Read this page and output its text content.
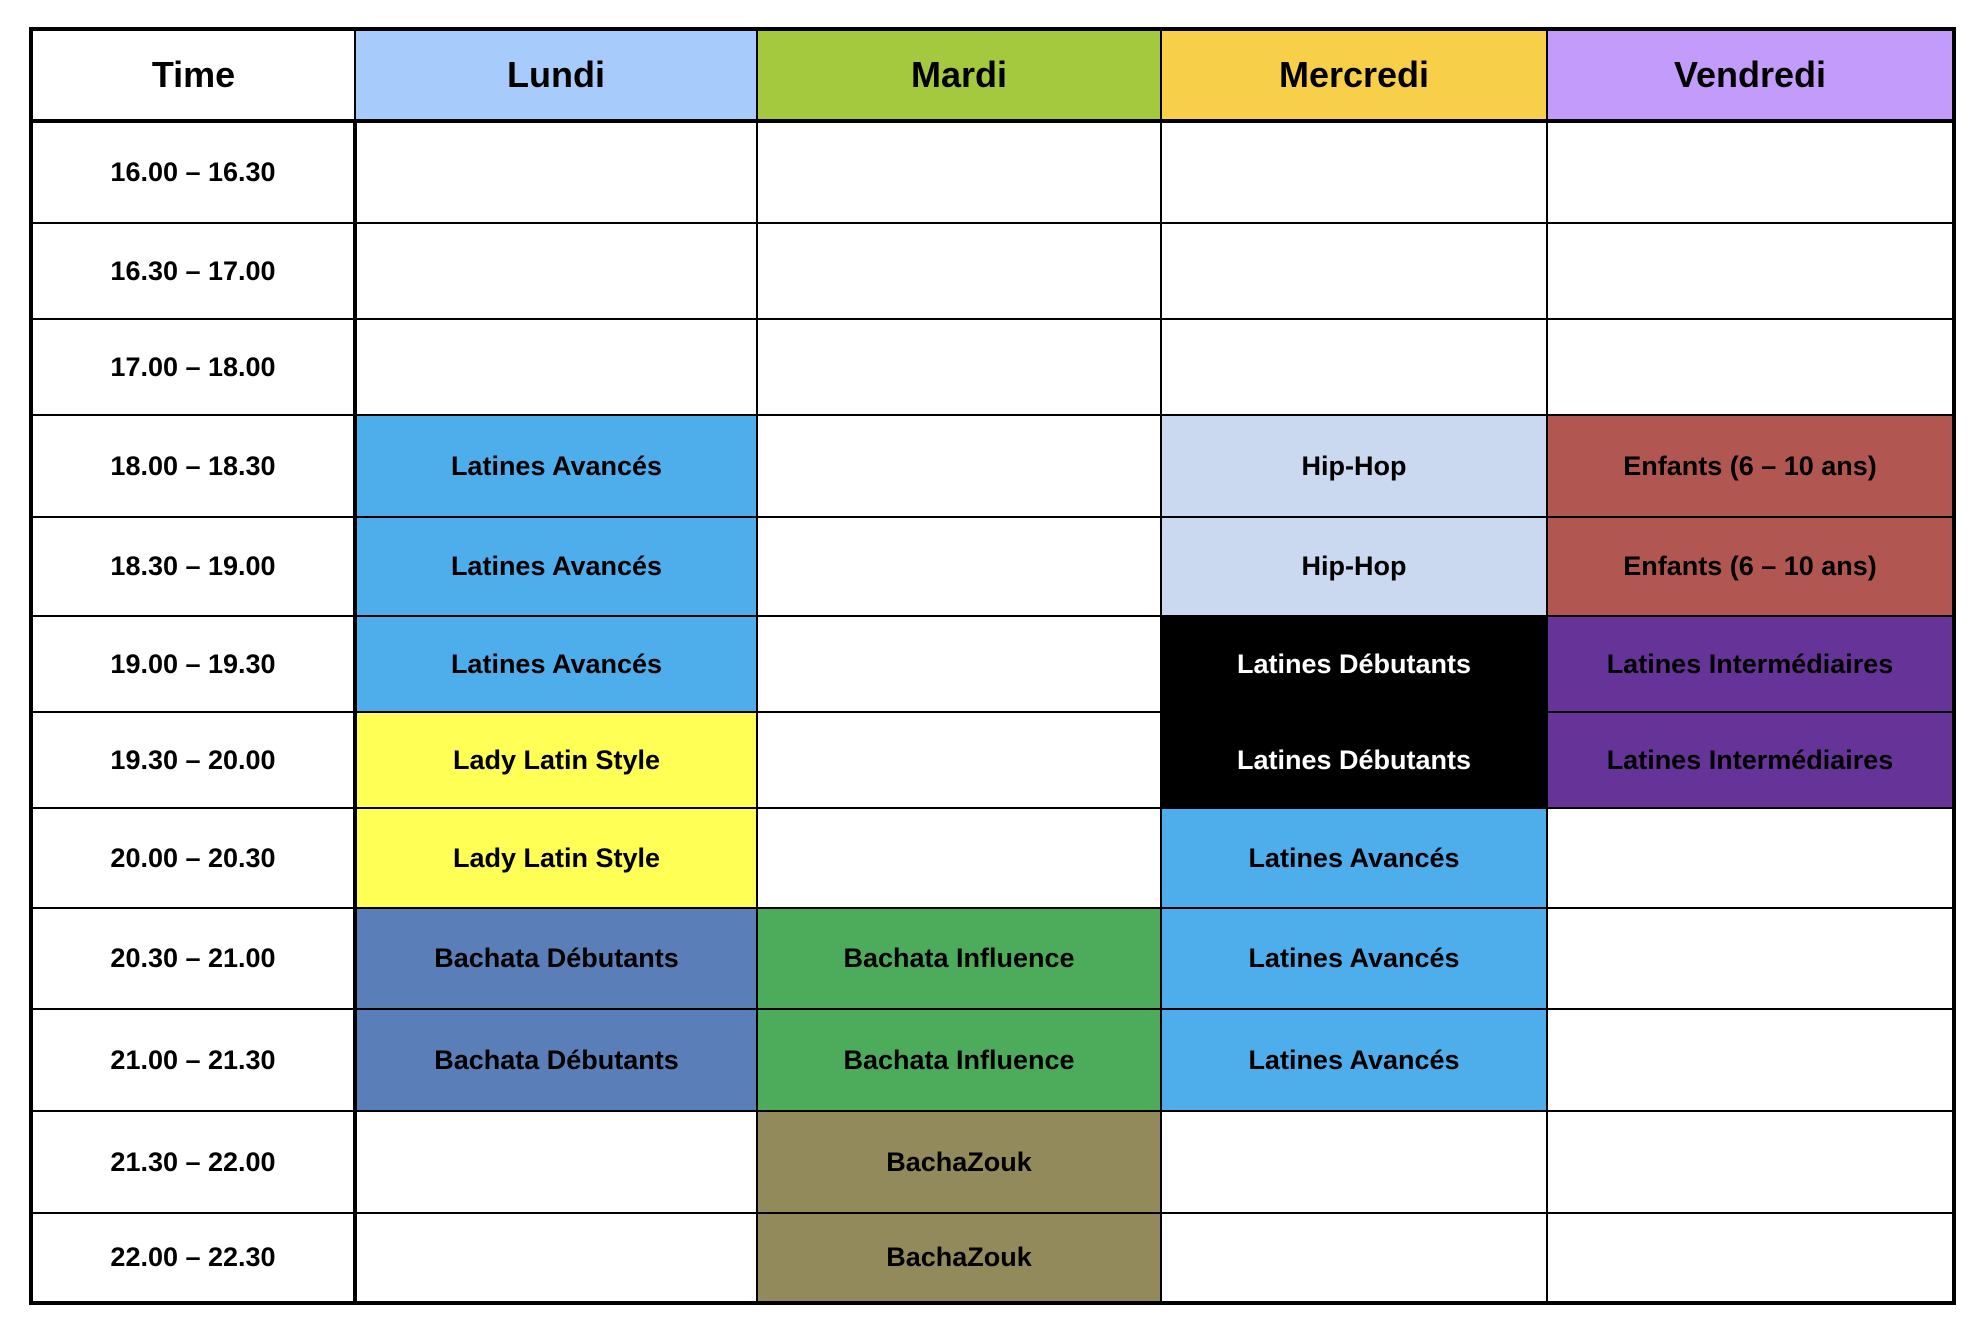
Time	Lundi	Mardi	Mercredi	Vendredi
16.00 – 16.30				
16.30 – 17.00				
17.00 – 18.00				
18.00 – 18.30	Latines Avancés		Hip-Hop	Enfants (6 – 10 ans)
18.30 – 19.00	Latines Avancés		Hip-Hop	Enfants (6 – 10 ans)
19.00 – 19.30	Latines Avancés		Latines Débutants	Latines Intermédiaires
19.30 – 20.00	Lady Latin Style		Latines Débutants	Latines Intermédiaires
20.00 – 20.30	Lady Latin Style		Latines Avancés	
20.30 – 21.00	Bachata Débutants	Bachata Influence	Latines Avancés	
21.00 – 21.30	Bachata Débutants	Bachata Influence	Latines Avancés	
21.30 – 22.00		BachaZouk		
22.00 – 22.30		BachaZouk		
